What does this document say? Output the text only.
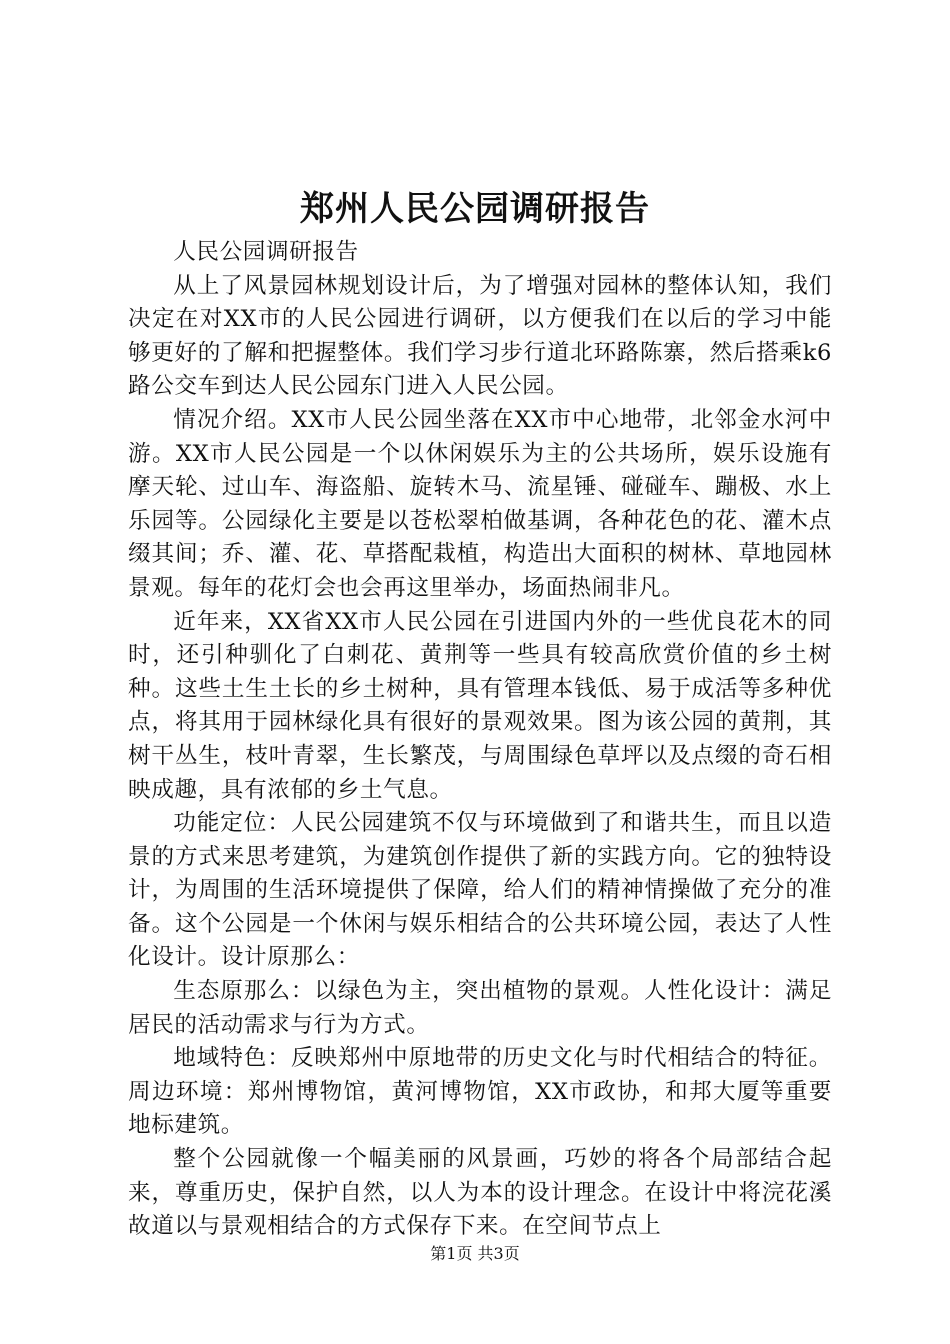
郑州人民公园调研报告

人民公园调研报告

从上了风景园林规划设计后，为了增强对园林的整体认知，我们决定在对XX市的人民公园进行调研，以方便我们在以后的学习中能够更好的了解和把握整体。我们学习步行道北环路陈寨，然后搭乘k6路公交车到达人民公园东门进入人民公园。

情况介绍。XX市人民公园坐落在XX市中心地带，北邻金水河中游。XX市人民公园是一个以休闲娱乐为主的公共场所，娱乐设施有摩天轮、过山车、海盗船、旋转木马、流星锤、碰碰车、蹦极、水上乐园等。公园绿化主要是以苍松翠柏做基调，各种花色的花、灌木点缀其间；乔、灌、花、草搭配栽植，构造出大面积的树林、草地园林景观。每年的花灯会也会再这里举办，场面热闹非凡。

近年来，XX省XX市人民公园在引进国内外的一些优良花木的同时，还引种驯化了白刺花、黄荆等一些具有较高欣赏价值的乡土树种。这些土生土长的乡土树种，具有管理本钱低、易于成活等多种优点，将其用于园林绿化具有很好的景观效果。图为该公园的黄荆，其树干丛生，枝叶青翠，生长繁茂，与周围绿色草坪以及点缀的奇石相映成趣，具有浓郁的乡土气息。

功能定位：人民公园建筑不仅与环境做到了和谐共生，而且以造景的方式来思考建筑，为建筑创作提供了新的实践方向。它的独特设计，为周围的生活环境提供了保障，给人们的精神情操做了充分的准备。这个公园是一个休闲与娱乐相结合的公共环境公园，表达了人性化设计。设计原那么：

生态原那么：以绿色为主，突出植物的景观。人性化设计：满足居民的活动需求与行为方式。

地域特色：反映郑州中原地带的历史文化与时代相结合的特征。周边环境：郑州博物馆，黄河博物馆，XX市政协，和邦大厦等重要地标建筑。

整个公园就像一个幅美丽的风景画，巧妙的将各个局部结合起来，尊重历史，保护自然，以人为本的设计理念。在设计中将浣花溪故道以与景观相结合的方式保存下来。在空间节点上

第1页 共3页
